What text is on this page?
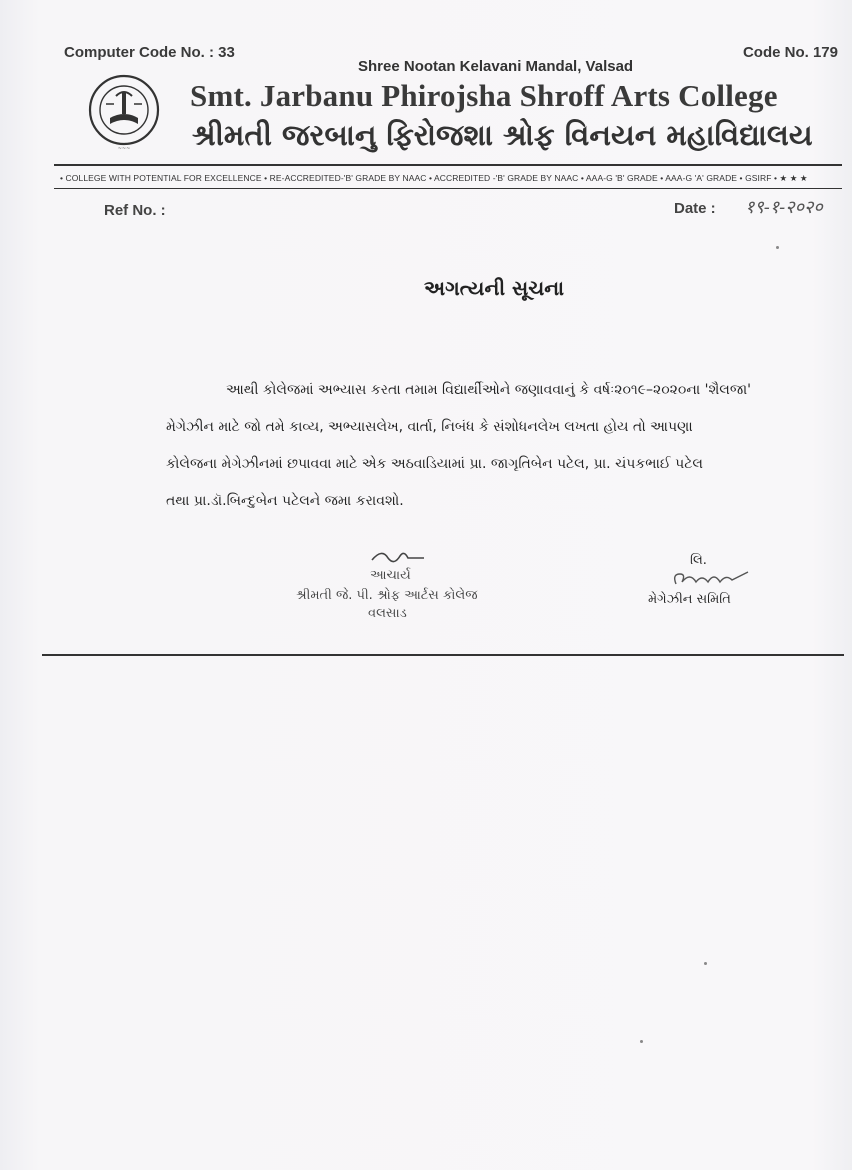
Computer Code No. : 33	Code No. 179
Shree Nootan Kelavani Mandal, Valsad
~~~
Smt. Jarbanu Phirojsha Shroff Arts College
શ્રીમતી જરબાનુ ફિરોજશા શ્રોફ વિનયન મહાવિદ્યાલય
• COLLEGE WITH POTENTIAL FOR EXCELLENCE • RE-ACCREDITED-'B' GRADE BY NAAC • ACCREDITED -'B' GRADE BY NAAC • AAA-G 'B' GRADE • AAA-G 'A' GRADE • GSIRF • ★ ★ ★
Ref No. :	Date : १९-१-२०२०
અગત્યની સૂચના
આથી કોલેજમાં અભ્યાસ કરતા તમામ વિદ્યાર્થીઓને જણાવવાનું કે વર્ષઃ૨૦૧૯–૨૦૨૦ના 'શૈલજા'
મેગેઝીન માટે જો તમે કાવ્ય, અભ્યાસલેખ, વાર્તા, નિબંધ કે સંશોધનલેખ લખતા હોય તો આપણા
કોલેજના મેગેઝીનમાં છપાવવા માટે એક અઠવાડિયામાં પ્રા. જાગૃતિબેન પટેલ, પ્રા. ચંપકભાઈ પટેલ
તથા પ્રા.ડૉ.બિન્દુબેન પટેલને જમા કરાવશો.
આચાર્ય
શ્રીમતી જે. પી. શ્રોફ આર્ટસ કોલેજ
વલસાડ
લિ.
મેગેઝીન સમિતિ
